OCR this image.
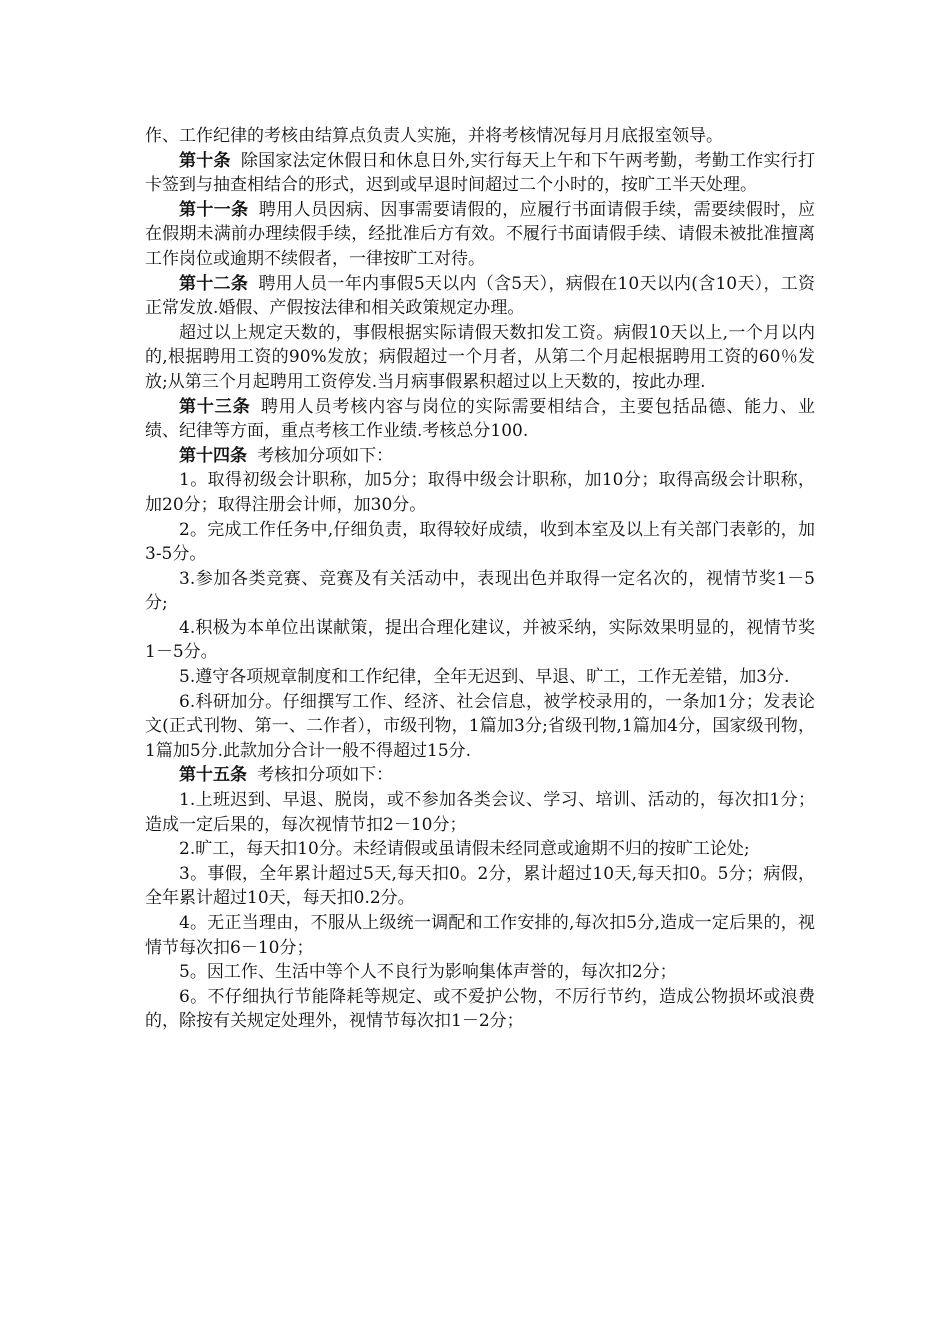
作、工作纪律的考核由结算点负责人实施，并将考核情况每月月底报室领导。

第十条 除国家法定休假日和休息日外,实行每天上午和下午两考勤，考勤工作实行打卡签到与抽查相结合的形式，迟到或早退时间超过二个小时的，按旷工半天处理。

第十一条 聘用人员因病、因事需要请假的，应履行书面请假手续，需要续假时，应在假期未满前办理续假手续，经批准后方有效。不履行书面请假手续、请假未被批准擅离工作岗位或逾期不续假者，一律按旷工对待。

第十二条 聘用人员一年内事假5天以内（含5天），病假在10天以内(含10天），工资正常发放.婚假、产假按法律和相关政策规定办理。

超过以上规定天数的，事假根据实际请假天数扣发工资。病假10天以上,一个月以内的,根据聘用工资的90%发放；病假超过一个月者，从第二个月起根据聘用工资的60％发放;从第三个月起聘用工资停发.当月病事假累积超过以上天数的，按此办理.

第十三条 聘用人员考核内容与岗位的实际需要相结合，主要包括品德、能力、业绩、纪律等方面，重点考核工作业绩.考核总分100.

第十四条 考核加分项如下：

1。取得初级会计职称，加5分；取得中级会计职称，加10分；取得高级会计职称，加20分；取得注册会计师，加30分。

2。完成工作任务中,仔细负责，取得较好成绩，收到本室及以上有关部门表彰的，加3-5分。

3.参加各类竞赛、竞赛及有关活动中，表现出色并取得一定名次的，视情节奖1－5分;

4.积极为本单位出谋献策，提出合理化建议，并被采纳，实际效果明显的，视情节奖1－5分。

5.遵守各项规章制度和工作纪律，全年无迟到、早退、旷工，工作无差错，加3分.

6.科研加分。仔细撰写工作、经济、社会信息，被学校录用的，一条加1分；发表论文(正式刊物、第一、二作者），市级刊物，1篇加3分;省级刊物,1篇加4分，国家级刊物，1篇加5分.此款加分合计一般不得超过15分.

第十五条 考核扣分项如下：

1.上班迟到、早退、脱岗，或不参加各类会议、学习、培训、活动的，每次扣1分；造成一定后果的，每次视情节扣2－10分；

2.旷工，每天扣10分。未经请假或虽请假未经同意或逾期不归的按旷工论处;

3。事假，全年累计超过5天,每天扣0。2分，累计超过10天,每天扣0。5分；病假，全年累计超过10天，每天扣0.2分。

4。无正当理由，不服从上级统一调配和工作安排的,每次扣5分,造成一定后果的，视情节每次扣6－10分；

5。因工作、生活中等个人不良行为影响集体声誉的，每次扣2分；

6。不仔细执行节能降耗等规定、或不爱护公物，不厉行节约，造成公物损坏或浪费的，除按有关规定处理外，视情节每次扣1－2分；
